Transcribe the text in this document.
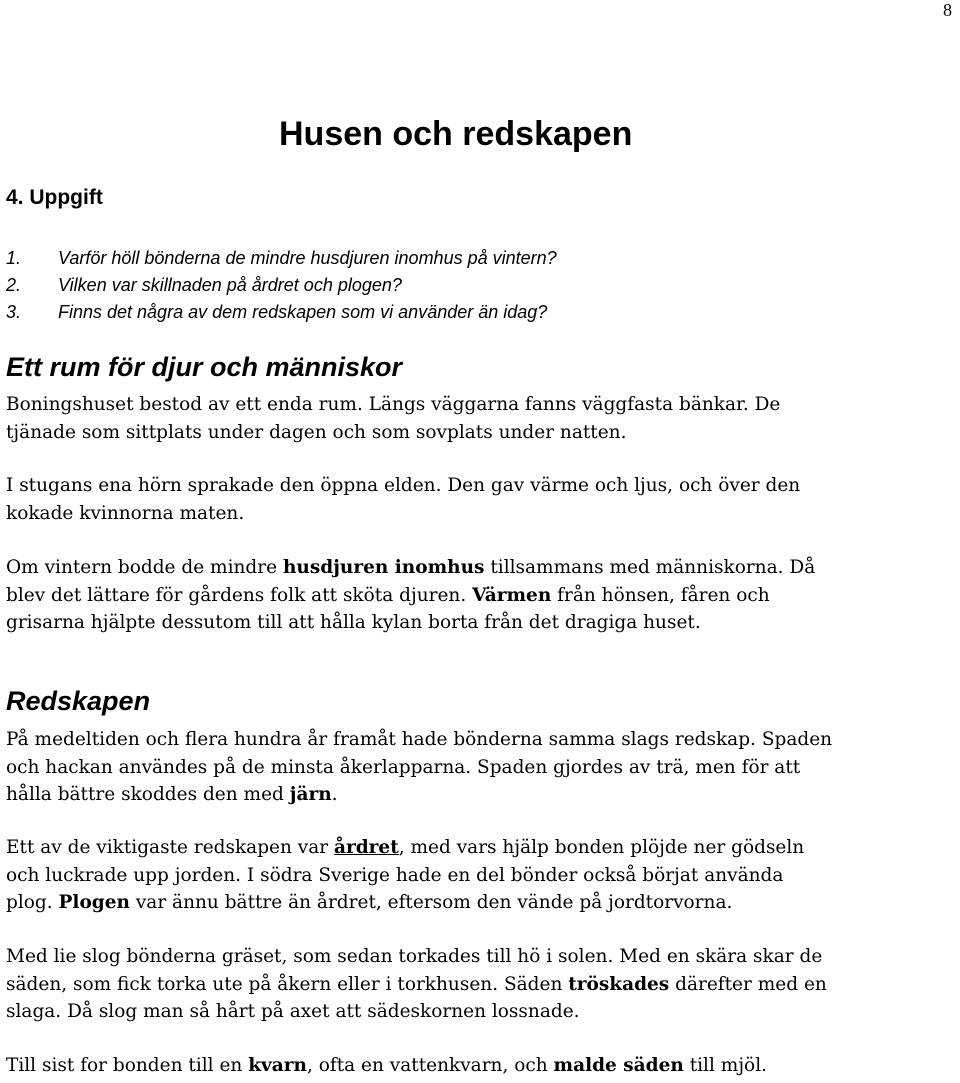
8
Husen och redskapen
4. Uppgift
1.	Varför höll bönderna de mindre husdjuren inomhus på vintern?
2.	Vilken var skillnaden på årdret och plogen?
3.	Finns det några av dem redskapen som vi använder än idag?
Ett rum för djur och människor

Boningshuset bestod av ett enda rum. Längs väggarna fanns väggfasta bänkar. De
tjänade som sittplats under dagen och som sovplats under natten.

I stugans ena hörn sprakade den öppna elden. Den gav värme och ljus, och över den
kokade kvinnorna maten.

Om vintern bodde de mindre husdjuren inomhus tillsammans med människorna. Då
blev det lättare för gårdens folk att sköta djuren. Värmen från hönsen, fåren och
grisarna hjälpte dessutom till att hålla kylan borta från det dragiga huset.

Redskapen

På medeltiden och flera hundra år framåt hade bönderna samma slags redskap. Spaden
och hackan användes på de minsta åkerlapparna. Spaden gjordes av trä, men för att
hålla bättre skoddes den med järn.

Ett av de viktigaste redskapen var årdret, med vars hjälp bonden plöjde ner gödseln
och luckrade upp jorden. I södra Sverige hade en del bönder också börjat använda
plog. Plogen var ännu bättre än årdret, eftersom den vände på jordtorvorna.

Med lie slog bönderna gräset, som sedan torkades till hö i solen. Med en skära skar de
säden, som fick torka ute på åkern eller i torkhusen. Säden tröskades därefter med en
slaga. Då slog man så hårt på axet att sädeskornen lossnade.

Till sist for bonden till en kvarn, ofta en vattenkvarn, och malde säden till mjöl.
